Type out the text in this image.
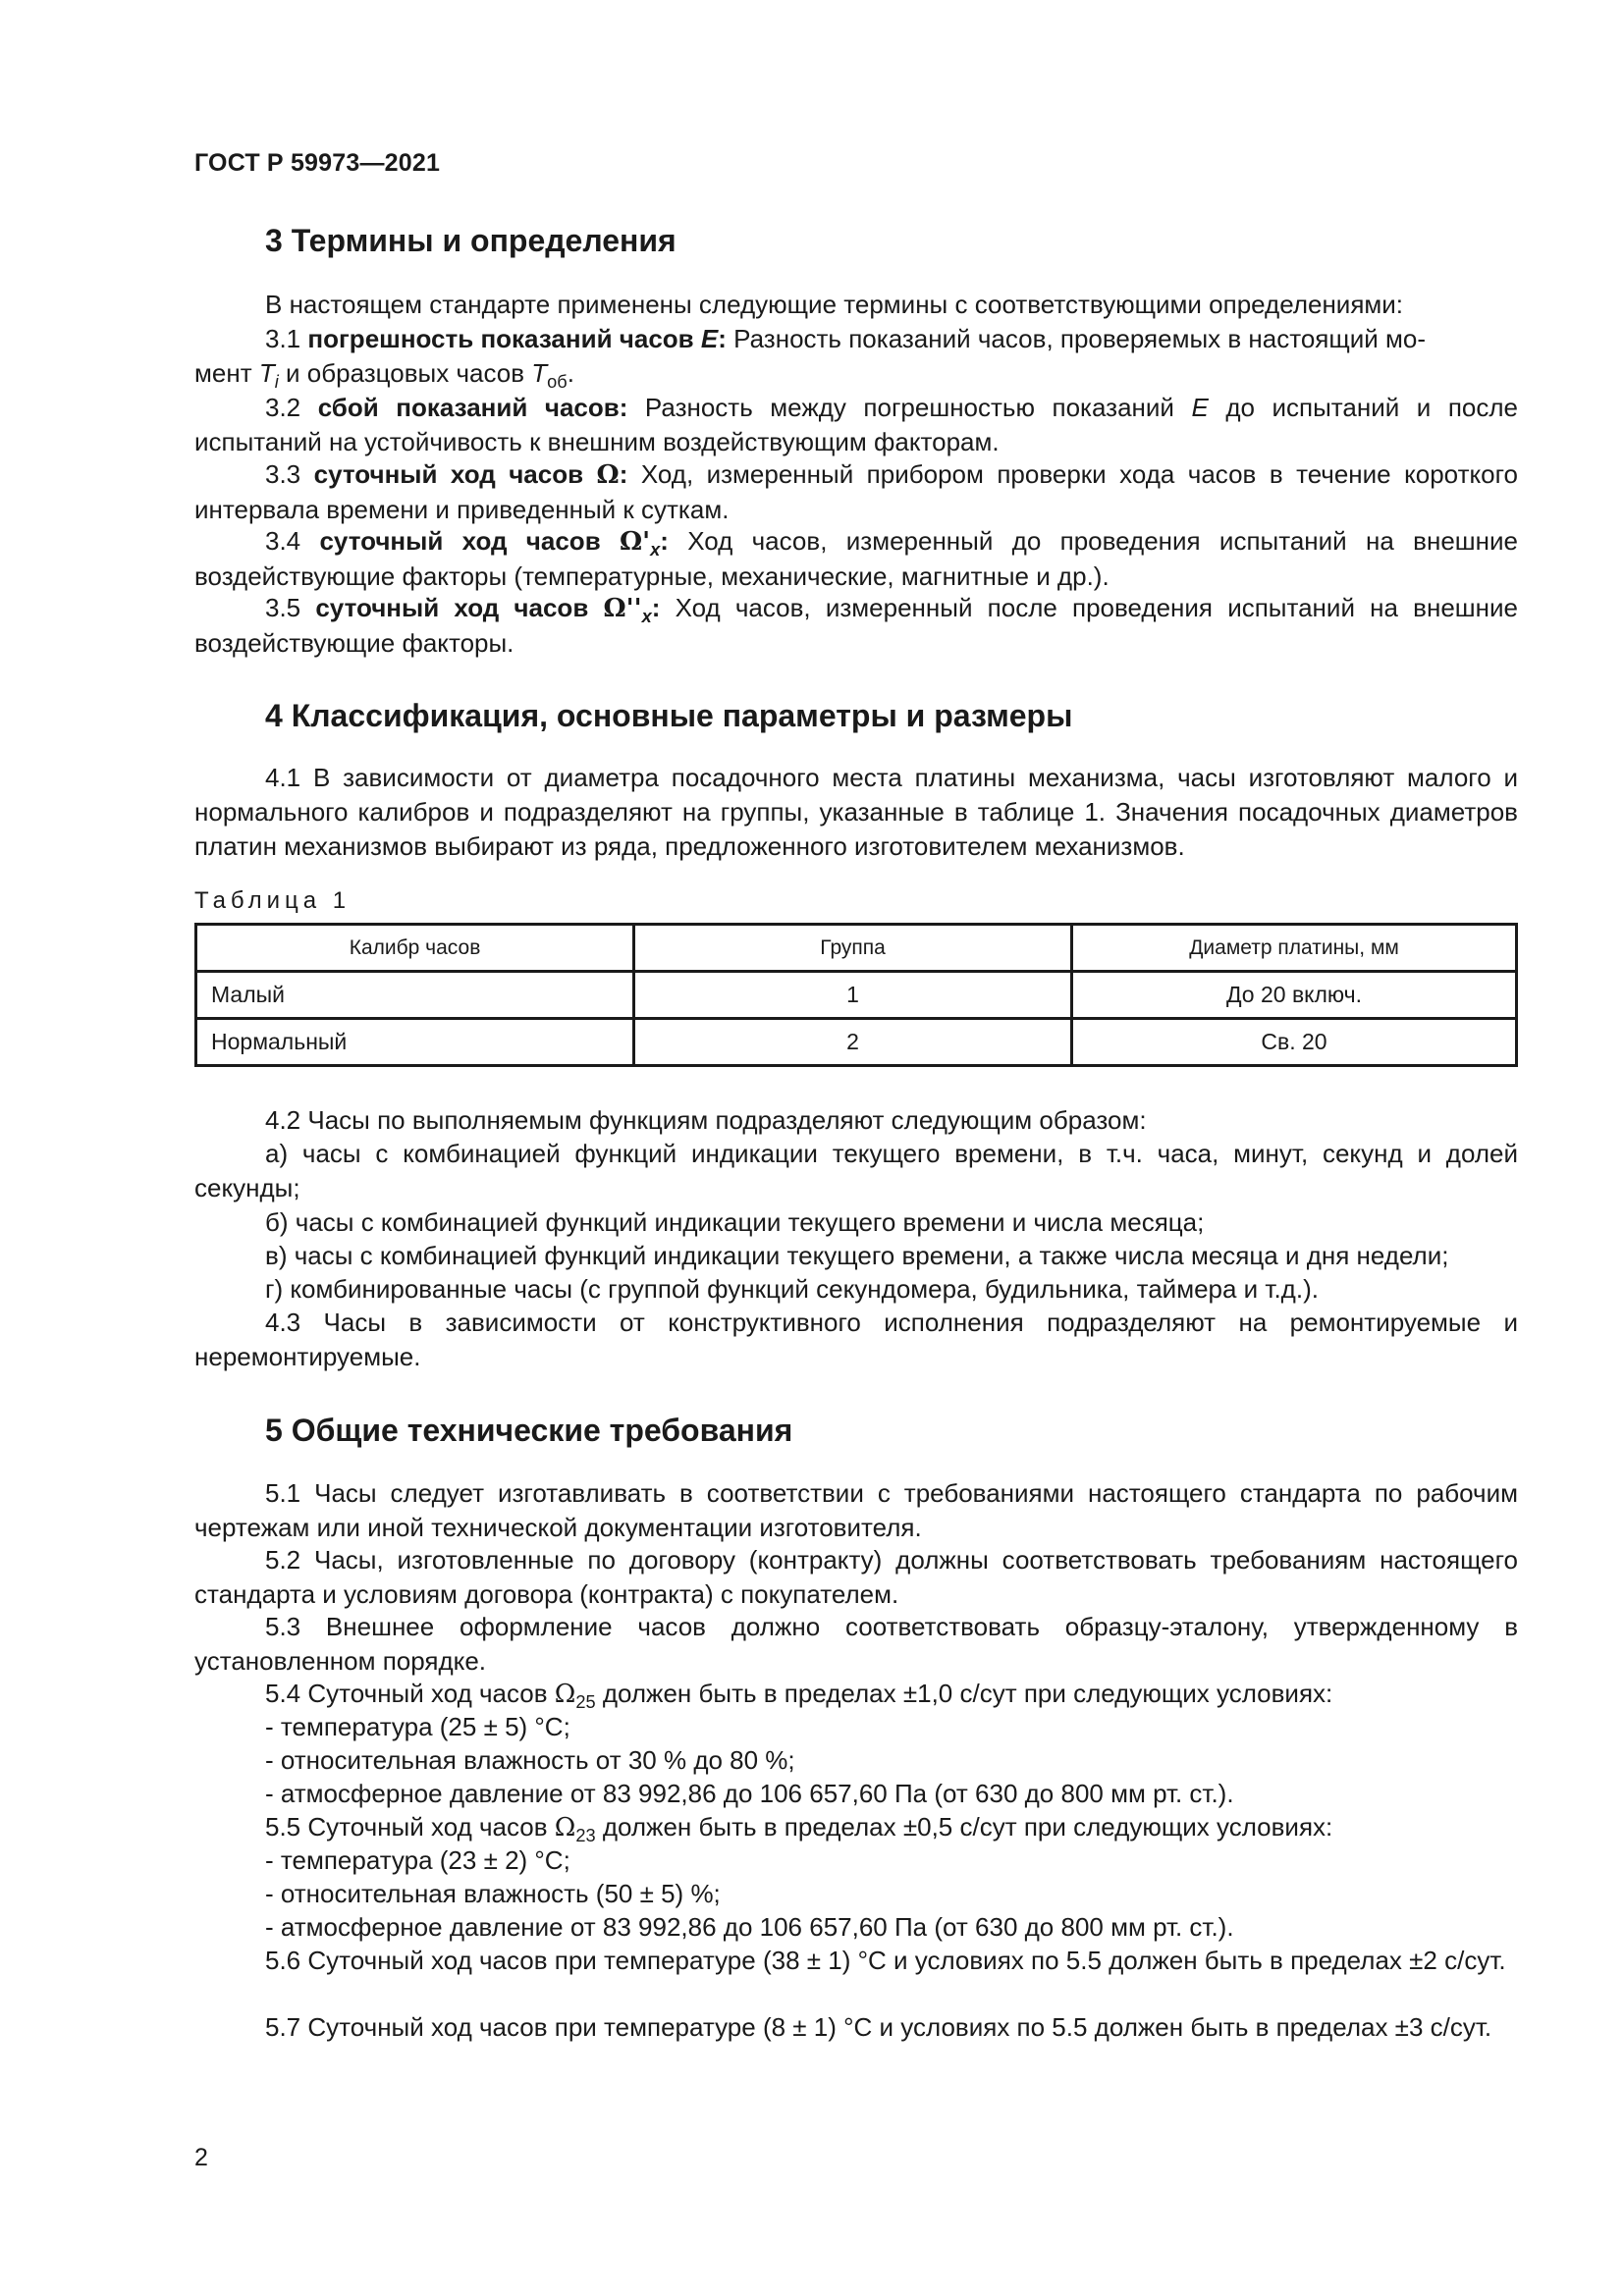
ГОСТ Р 59973—2021
3 Термины и определения
В настоящем стандарте применены следующие термины с соответствующими определениями:
3.1 погрешность показаний часов E: Разность показаний часов, проверяемых в настоящий мо-
мент $T_i$ и образцовых часов $T_{об}$.
3.2 сбой показаний часов: Разность между погрешностью показаний E до испытаний и после испытаний на устойчивость к внешним воздействующим факторам.
3.3 суточный ход часов Ω: Ход, измеренный прибором проверки хода часов в течение короткого интервала времени и приведенный к суткам.
3.4 суточный ход часов $\Omega'_x$: Ход часов, измеренный до проведения испытаний на внешние воздействующие факторы (температурные, механические, магнитные и др.).
3.5 суточный ход часов $\Omega''_x$: Ход часов, измеренный после проведения испытаний на внешние воздействующие факторы.
4 Классификация, основные параметры и размеры
4.1 В зависимости от диаметра посадочного места платины механизма, часы изготовляют малого и нормального калибров и подразделяют на группы, указанные в таблице 1. Значения посадочных диаметров платин механизмов выбирают из ряда, предложенного изготовителем механизмов.
Таблица 1
Калибр часов	Группа	Диаметр платины, мм
Малый	1	До 20 включ.
Нормальный	2	Св. 20
4.2 Часы по выполняемым функциям подразделяют следующим образом:
а) часы с комбинацией функций индикации текущего времени, в т.ч. часа, минут, секунд и долей секунды;
б) часы с комбинацией функций индикации текущего времени и числа месяца;
в) часы с комбинацией функций индикации текущего времени, а также числа месяца и дня недели;
г) комбинированные часы (с группой функций секундомера, будильника, таймера и т.д.).
4.3 Часы в зависимости от конструктивного исполнения подразделяют на ремонтируемые и неремонтируемые.
5 Общие технические требования
5.1 Часы следует изготавливать в соответствии с требованиями настоящего стандарта по рабочим чертежам или иной технической документации изготовителя.
5.2 Часы, изготовленные по договору (контракту) должны соответствовать требованиям настоящего стандарта и условиям договора (контракта) с покупателем.
5.3 Внешнее оформление часов должно соответствовать образцу-эталону, утвержденному в установленном порядке.
5.4 Суточный ход часов $\Omega_{25}$ должен быть в пределах ±1,0 с/сут при следующих условиях:
- температура (25 ± 5) °С;
- относительная влажность от 30 % до 80 %;
- атмосферное давление от 83 992,86 до 106 657,60 Па (от 630 до 800 мм рт. ст.).
5.5 Суточный ход часов $\Omega_{23}$ должен быть в пределах ±0,5 с/сут при следующих условиях:
- температура (23 ± 2) °С;
- относительная влажность (50 ± 5) %;
- атмосферное давление от 83 992,86 до 106 657,60 Па (от 630 до 800 мм рт. ст.).
5.6 Суточный ход часов при температуре (38 ± 1) °С и условиях по 5.5 должен быть в пределах ±2 с/сут.
5.7 Суточный ход часов при температуре (8 ± 1) °С и условиях по 5.5 должен быть в пределах ±3 с/сут.
2
